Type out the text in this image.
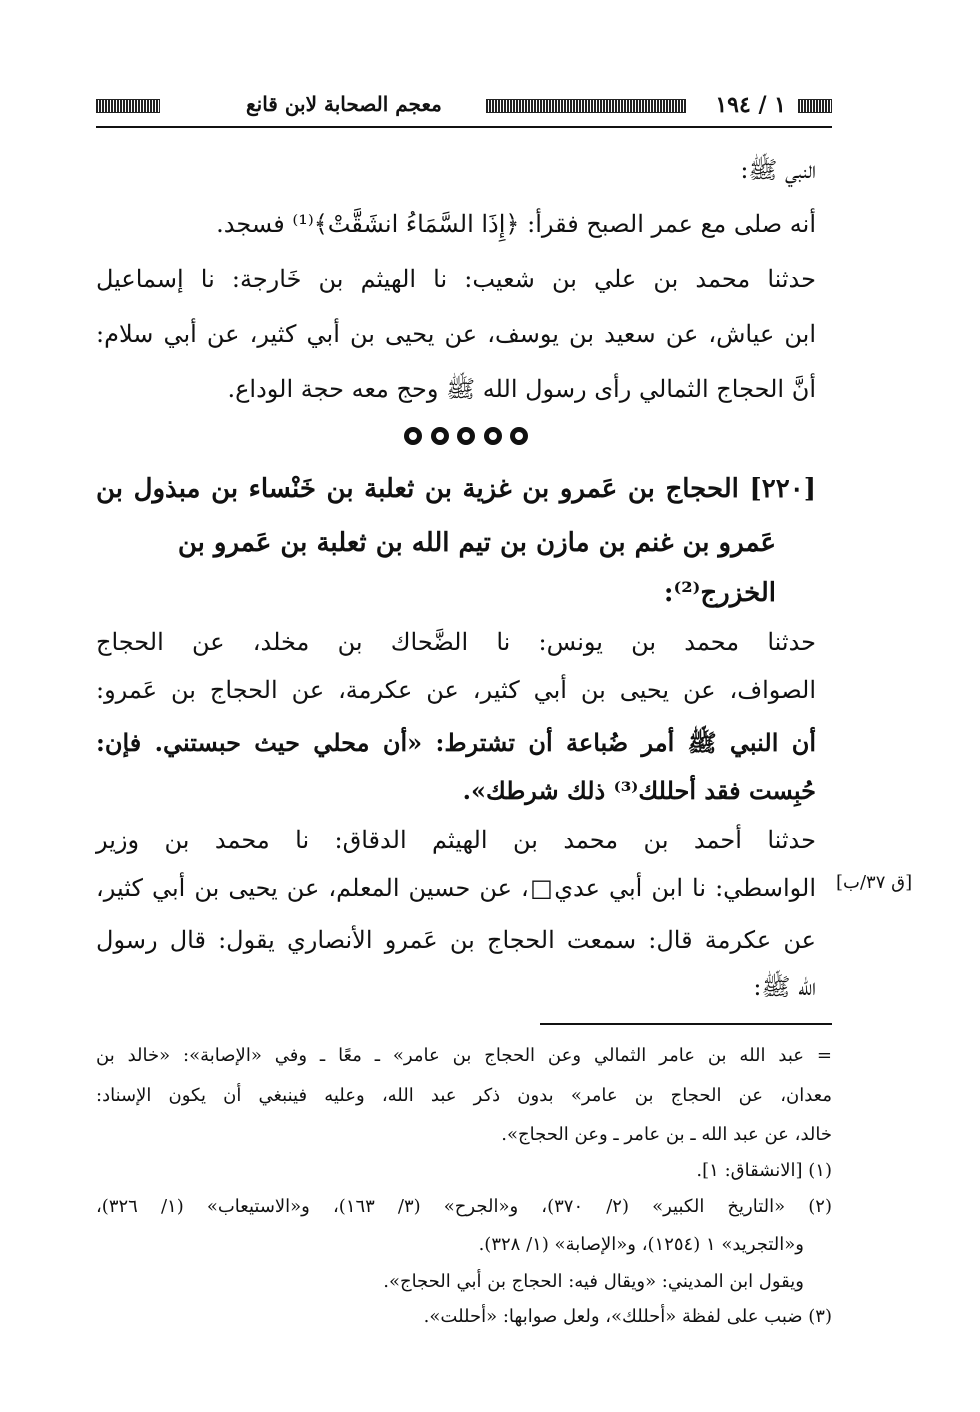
١ / ١٩٤
معجم الصحابة لابن قانع
النبي ﷺ:
أنه صلى مع عمر الصبح فقرأ: ﴿إِذَا السَّمَاءُ انشَقَّتْ﴾⁽¹⁾ فسجد.
حدثنا محمد بن علي بن شعيب: نا الهيثم بن خَارجة: نا إسماعيل
ابن عياش، عن سعيد بن يوسف، عن يحيى بن أبي كثير، عن أبي سلام:
أنَّ الحجاج الثمالي رأى رسول الله ﷺ وحج معه حجة الوداع.
[٢٢٠] الحجاج بن عَمرو بن غزية بن ثعلبة بن خَنْساء بن مبذول بن
عَمرو بن غنم بن مازن بن تيم الله بن ثعلبة بن عَمرو بن
الخزرج⁽²⁾:
حدثنا محمد بن يونس: نا الضَّحاك بن مخلد، عن الحجاج
الصواف، عن يحيى بن أبي كثير، عن عكرمة، عن الحجاج بن عَمرو:
أن النبي ﷺ أمر ضُباعة أن تشترط: «أن محلي حيث حبستني. فإن:
حُبِست فقد أحللك⁽³⁾ ذلك شرطك».
حدثنا أحمد بن محمد بن الهيثم الدقاق: نا محمد بن وزير
الواسطي: نا ابن أبي عدي□، عن حسين المعلم، عن يحيى بن أبي كثير،
عن عكرمة قال: سمعت الحجاج بن عَمرو الأنصاري يقول: قال رسول
الله ﷺ:
[ق ٣٧/ب]
= عبد الله بن عامر الثمالي وعن الحجاج بن عامر» ـ معًا ـ وفي «الإصابة»: «خالد بن
معدان، عن الحجاج بن عامر» بدون ذكر عبد الله، وعليه فينبغي أن يكون الإسناد:
خالد، عن عبد الله ـ بن عامر ـ وعن الحجاج».
(١) [الانشقاق: ١].
(٢) «التاريخ الكبير» (٢/ ٣٧٠)، و«الجرح» (٣/ ١٦٣)، و«الاستيعاب» (١/ ٣٢٦)،
و«التجريد» ١ (١٢٥٤)، و«الإصابة» (١/ ٣٢٨).
ويقول ابن المديني: «ويقال فيه: الحجاج بن أبي الحجاج».
(٣) ضبب على لفظة «أحللك»، ولعل صوابها: «أحللت».
